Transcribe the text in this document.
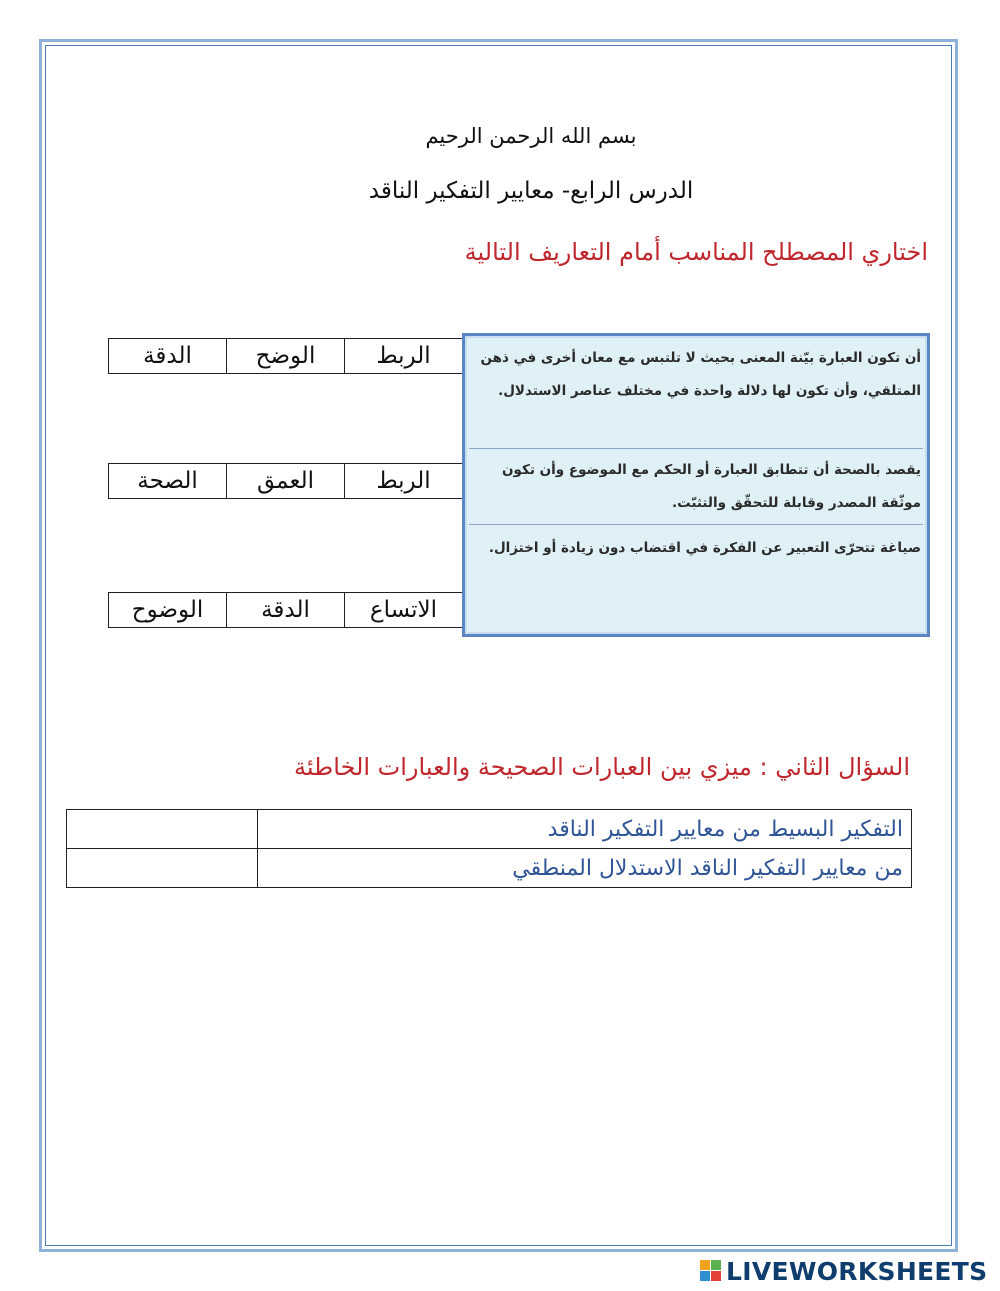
بسم الله الرحمن الرحيم
الدرس الرابع- معايير التفكير الناقد
اختاري المصطلح المناسب أمام التعاريف التالية
الربط	الوضح	الدقة
الربط	العمق	الصحة
الاتساع	الدقة	الوضوح
أن تكون العبارة بيّنة المعنى بحيث لا تلتبس مع معان أخرى في ذهن المتلقي، وأن تكون لها دلالة واحدة في مختلف عناصر الاستدلال.
يقصد بالصحة أن تتطابق العبارة أو الحكم مع الموضوع وأن تكون موثّقة المصدر وقابلة للتحقّق والتثبّت.
صياغة تتحرّى التعبير عن الفكرة في اقتضاب دون زيادة أو اختزال.
السؤال الثاني : ميزي بين العبارات الصحيحة والعبارات الخاطئة
التفكير البسيط من معايير التفكير الناقد	
من معايير التفكير الناقد الاستدلال المنطقي	
LIVEWORKSHEETS
